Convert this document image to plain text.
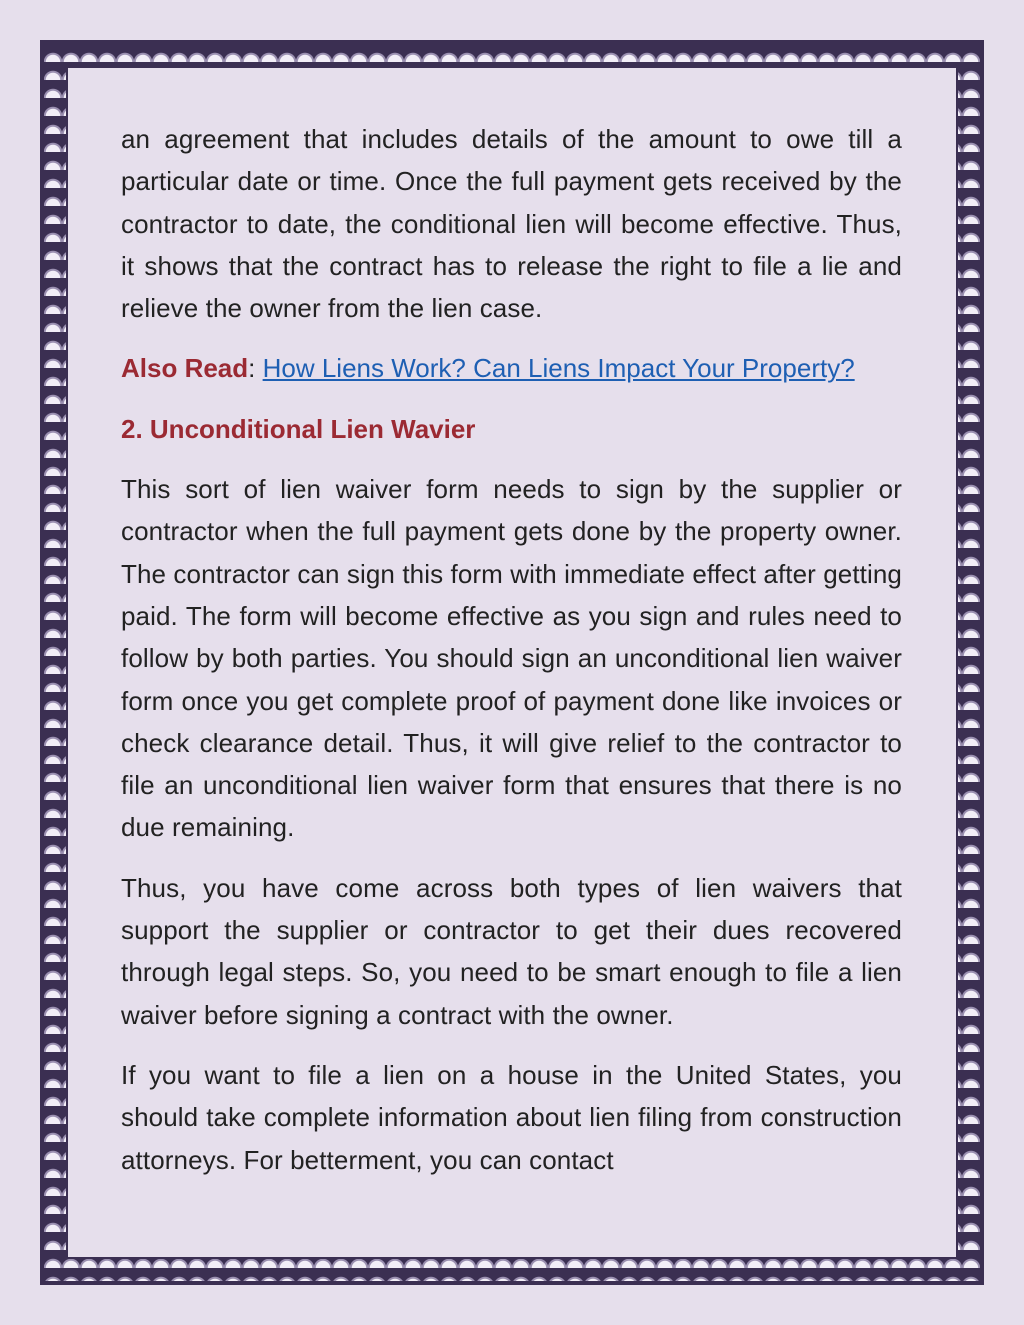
an agreement that includes details of the amount to owe till a particular date or time. Once the full payment gets received by the contractor to date, the conditional lien will become effective. Thus, it shows that the contract has to release the right to file a lie and relieve the owner from the lien case.

Also Read: How Liens Work? Can Liens Impact Your Property?

2. Unconditional Lien Wavier

This sort of lien waiver form needs to sign by the supplier or contractor when the full payment gets done by the property owner. The contractor can sign this form with immediate effect after getting paid. The form will become effective as you sign and rules need to follow by both parties. You should sign an unconditional lien waiver form once you get complete proof of payment done like invoices or check clearance detail. Thus, it will give relief to the contractor to file an unconditional lien waiver form that ensures that there is no due remaining.

Thus, you have come across both types of lien waivers that support the supplier or contractor to get their dues recovered through legal steps. So, you need to be smart enough to file a lien waiver before signing a contract with the owner.

If you want to file a lien on a house in the United States, you should take complete information about lien filing from construction attorneys. For betterment, you can contact
